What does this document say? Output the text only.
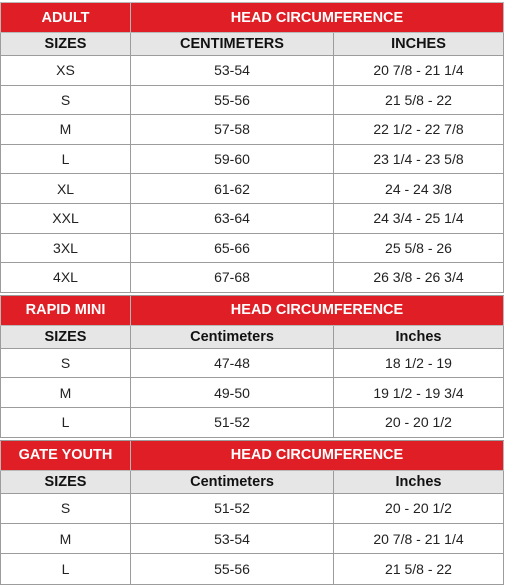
ADULT	HEAD CIRCUMFERENCE	
SIZES	CENTIMETERS	INCHES
XS	53-54	20 7/8 - 21 1/4
S	55-56	21 5/8 - 22
M	57-58	22 1/2 - 22 7/8
L	59-60	23 1/4 - 23 5/8
XL	61-62	24 - 24 3/8
XXL	63-64	24 3/4 - 25 1/4
3XL	65-66	25 5/8 - 26
4XL	67-68	26 3/8 - 26 3/4

RAPID MINI	HEAD CIRCUMFERENCE	
SIZES	Centimeters	Inches
S	47-48	18 1/2 - 19
M	49-50	19 1/2 - 19 3/4
L	51-52	20 - 20 1/2

GATE YOUTH	HEAD CIRCUMFERENCE	
SIZES	Centimeters	Inches
S	51-52	20 - 20 1/2
M	53-54	20 7/8 - 21 1/4
L	55-56	21 5/8 - 22
